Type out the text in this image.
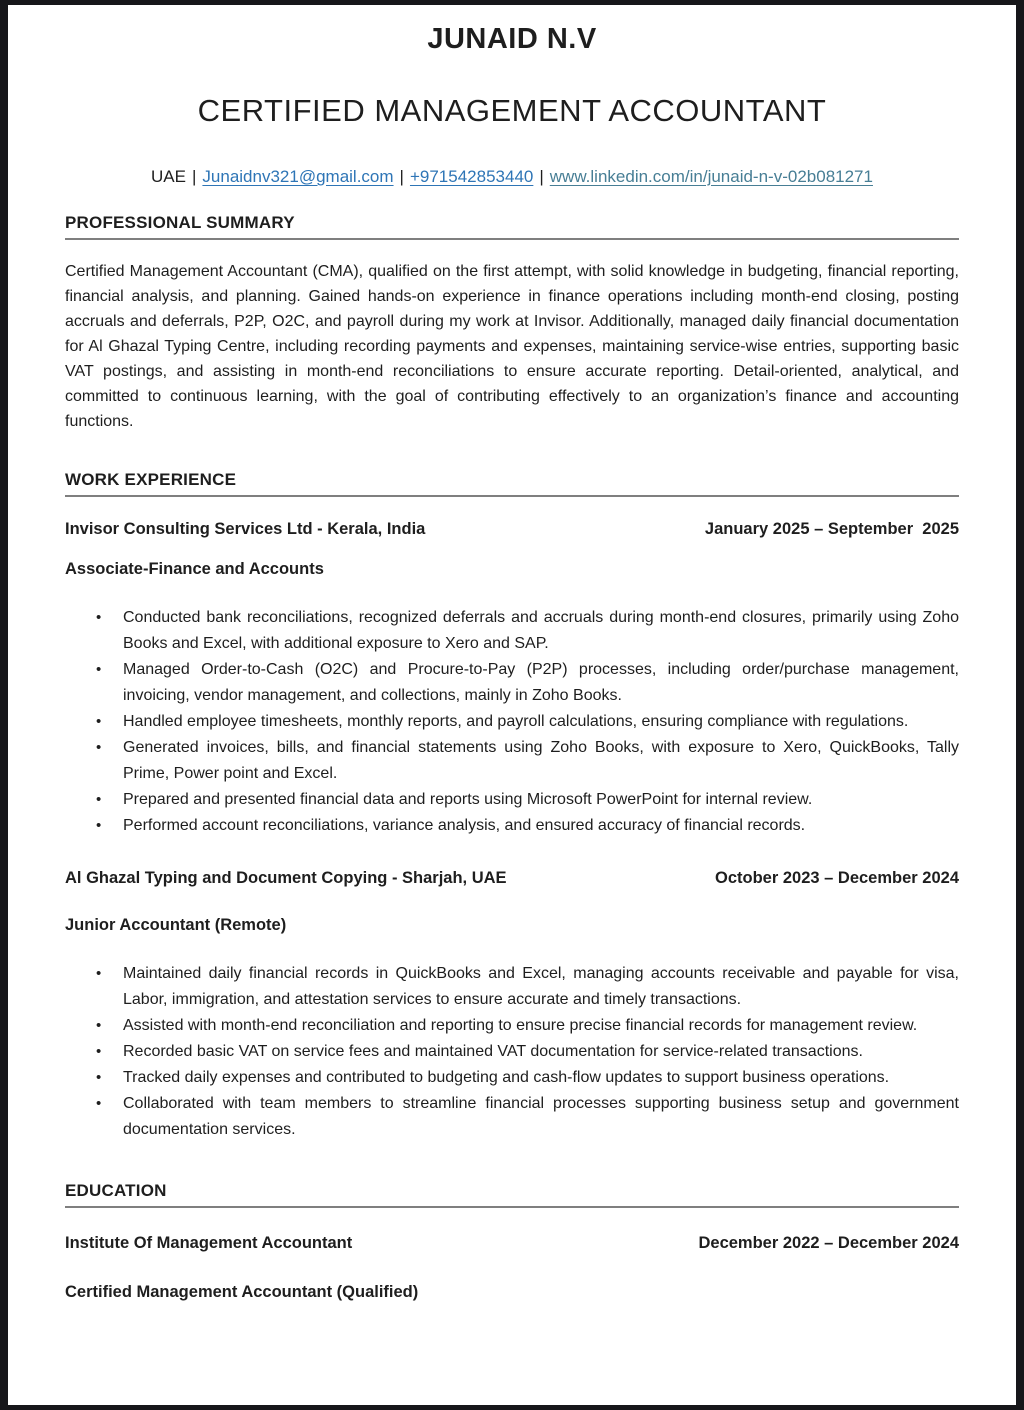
JUNAID N.V
CERTIFIED MANAGEMENT ACCOUNTANT
UAE | Junaidnv321@gmail.com | +971542853440 | www.linkedin.com/in/junaid-n-v-02b081271
PROFESSIONAL SUMMARY

Certified Management Accountant (CMA), qualified on the first attempt, with solid knowledge in budgeting, financial reporting, financial analysis, and planning. Gained hands-on experience in finance operations including month-end closing, posting accruals and deferrals, P2P, O2C, and payroll during my work at Invisor. Additionally, managed daily financial documentation for Al Ghazal Typing Centre, including recording payments and expenses, maintaining service-wise entries, supporting basic VAT postings, and assisting in month-end reconciliations to ensure accurate reporting. Detail-oriented, analytical, and committed to continuous learning, with the goal of contributing effectively to an organization’s finance and accounting functions.

WORK EXPERIENCE
Invisor Consulting Services Ltd - Kerala, India	January 2025 – September  2025
Associate-Finance and Accounts
• Conducted bank reconciliations, recognized deferrals and accruals during month-end closures, primarily using Zoho Books and Excel, with additional exposure to Xero and SAP.
• Managed Order-to-Cash (O2C) and Procure-to-Pay (P2P) processes, including order/purchase management, invoicing, vendor management, and collections, mainly in Zoho Books.
• Handled employee timesheets, monthly reports, and payroll calculations, ensuring compliance with regulations.
• Generated invoices, bills, and financial statements using Zoho Books, with exposure to Xero, QuickBooks, Tally Prime, Power point and Excel.
• Prepared and presented financial data and reports using Microsoft PowerPoint for internal review.
• Performed account reconciliations, variance analysis, and ensured accuracy of financial records.
Al Ghazal Typing and Document Copying - Sharjah, UAE	October 2023 – December 2024
Junior Accountant (Remote)
• Maintained daily financial records in QuickBooks and Excel, managing accounts receivable and payable for visa, Labor, immigration, and attestation services to ensure accurate and timely transactions.
• Assisted with month-end reconciliation and reporting to ensure precise financial records for management review.
• Recorded basic VAT on service fees and maintained VAT documentation for service-related transactions.
• Tracked daily expenses and contributed to budgeting and cash-flow updates to support business operations.
• Collaborated with team members to streamline financial processes supporting business setup and government documentation services.
EDUCATION
Institute Of Management Accountant	December 2022 – December 2024
Certified Management Accountant (Qualified)
